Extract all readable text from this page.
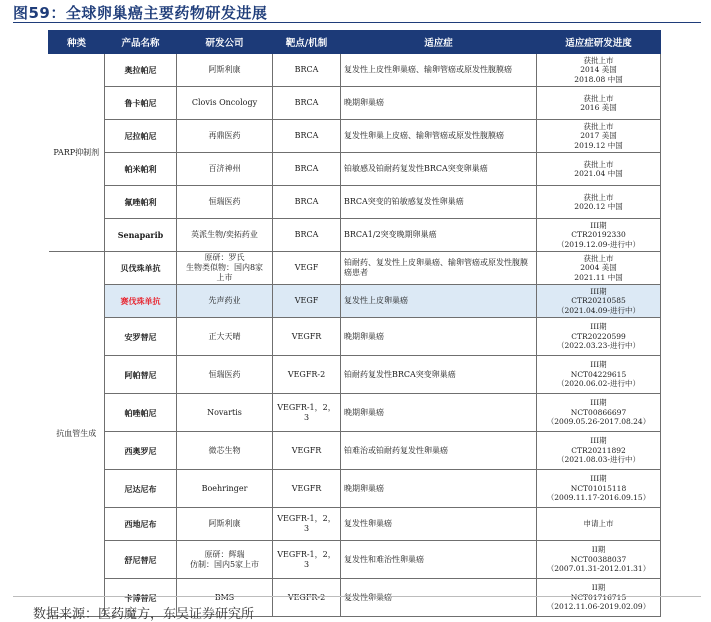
图59：全球卵巢癌主要药物研发进展
种类	产品名称	研发公司	靶点/机制	适应症	适应症研发进度
PARP抑制剂	奥拉帕尼	阿斯利康	BRCA	复发性上皮性卵巢癌、输卵管癌或原发性腹膜癌	获批上市
2014 美国
2018.08 中国

	鲁卡帕尼	Clovis Oncology	BRCA	晚期卵巢癌	获批上市
2016 美国

	尼拉帕尼	再鼎医药	BRCA	复发性卵巢上皮癌、输卵管癌或原发性腹膜癌	获批上市
2017 美国
2019.12 中国

	帕米帕利	百济神州	BRCA	铂敏感及铂耐药复发性BRCA突变卵巢癌	获批上市
2021.04 中国

	氟唑帕利	恒瑞医药	BRCA	BRCA突变的铂敏感复发性卵巢癌	获批上市
2020.12 中国

	Senaparib	英派生物/奕拓药业	BRCA	BRCA1/2突变晚期卵巢癌	III期
CTR20192330
（2019.12.09-进行中）

抗血管生成	贝伐珠单抗	原研：罗氏
生物类似物：国内8家
上市	VEGF	铂耐药、复发性上皮卵巢癌、输卵管癌或原发性腹膜癌患者	获批上市
2004 美国
2021.11 中国

	赛伐珠单抗	先声药业	VEGF	复发性上皮卵巢癌	III期
CTR20210585
（2021.04.09-进行中）

	安罗替尼	正大天晴	VEGFR	晚期卵巢癌	III期
CTR20220599
（2022.03.23-进行中）

	阿帕替尼	恒瑞医药	VEGFR-2	铂耐药复发性BRCA突变卵巢癌	III期
NCT04229615
（2020.06.02-进行中）

	帕唑帕尼	Novartis	VEGFR-1，2，3	晚期卵巢癌	III期
NCT00866697
（2009.05.26-2017.08.24）

	西奥罗尼	微芯生物	VEGFR	铂难治或铂耐药复发性卵巢癌	III期
CTR20211892
（2021.08.03-进行中）

	尼达尼布	Boehringer	VEGFR	晚期卵巢癌	III期
NCT01015118
（2009.11.17-2016.09.15）

	西地尼布	阿斯利康	VEGFR-1，2，3	复发性卵巢癌	申请上市

	舒尼替尼	原研：辉瑞
仿制：国内5家上市	VEGFR-1，2，3	复发性和难治性卵巢癌	II期
NCT00388037
（2007.01.31-2012.01.31）

	卡博替尼	BMS	VEGFR-2	复发性卵巢癌	II期
NCT01716715
（2012.11.06-2019.02.09）
数据来源：医药魔方，东吴证券研究所
